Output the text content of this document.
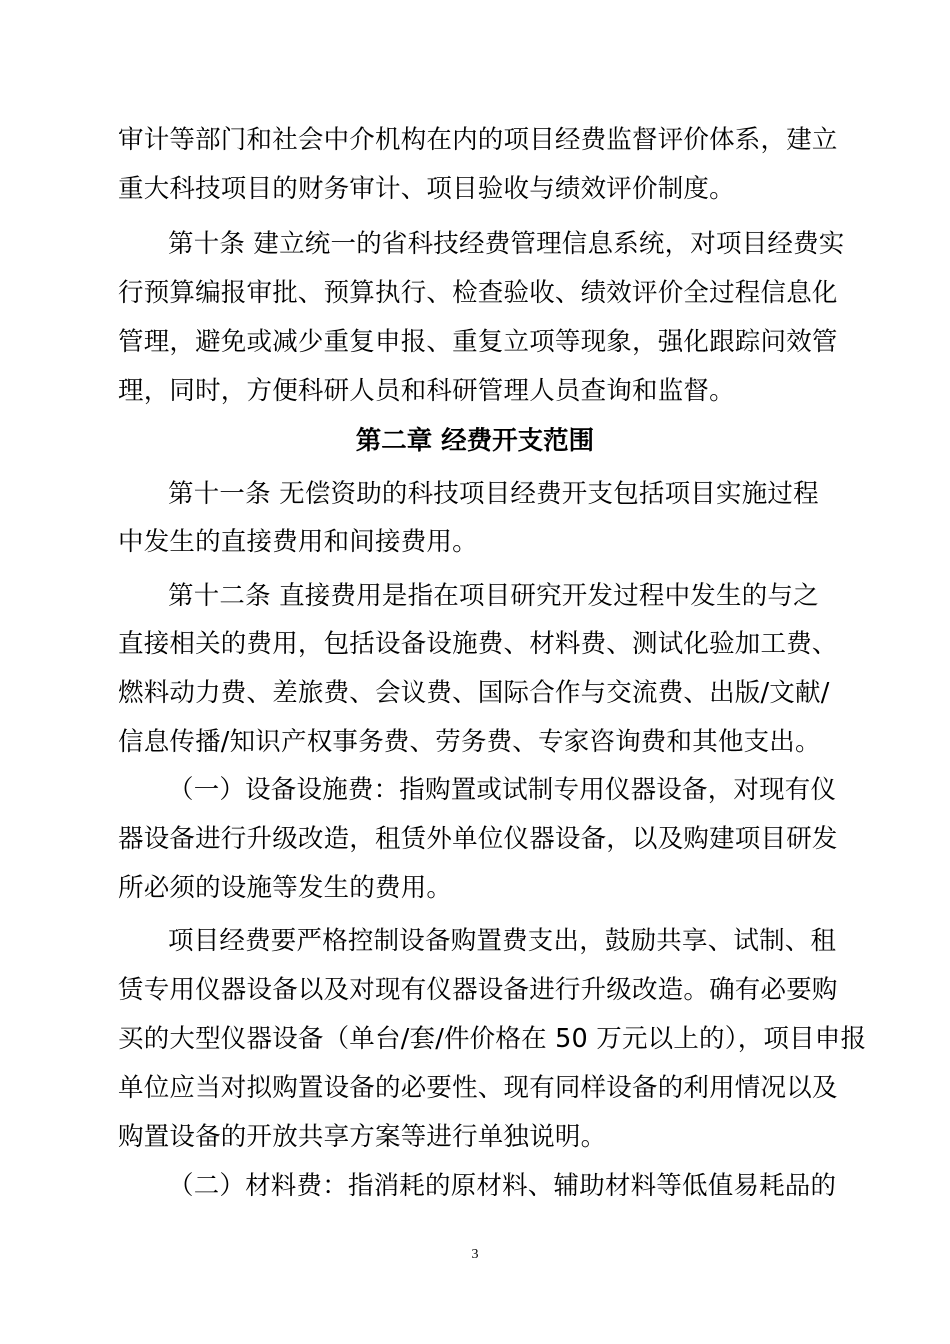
审计等部门和社会中介机构在内的项目经费监督评价体系，建立
重大科技项目的财务审计、项目验收与绩效评价制度。
第十条 建立统一的省科技经费管理信息系统，对项目经费实
行预算编报审批、预算执行、检查验收、绩效评价全过程信息化
管理，避免或减少重复申报、重复立项等现象，强化跟踪问效管
理，同时，方便科研人员和科研管理人员查询和监督。
第二章 经费开支范围
第十一条 无偿资助的科技项目经费开支包括项目实施过程
中发生的直接费用和间接费用。
第十二条 直接费用是指在项目研究开发过程中发生的与之
直接相关的费用，包括设备设施费、材料费、测试化验加工费、
燃料动力费、差旅费、会议费、国际合作与交流费、出版/文献/
信息传播/知识产权事务费、劳务费、专家咨询费和其他支出。
（一）设备设施费：指购置或试制专用仪器设备，对现有仪
器设备进行升级改造，租赁外单位仪器设备，以及购建项目研发
所必须的设施等发生的费用。
项目经费要严格控制设备购置费支出，鼓励共享、试制、租
赁专用仪器设备以及对现有仪器设备进行升级改造。确有必要购
买的大型仪器设备（单台/套/件价格在 50 万元以上的），项目申报
单位应当对拟购置设备的必要性、现有同样设备的利用情况以及
购置设备的开放共享方案等进行单独说明。
（二）材料费：指消耗的原材料、辅助材料等低值易耗品的
3
